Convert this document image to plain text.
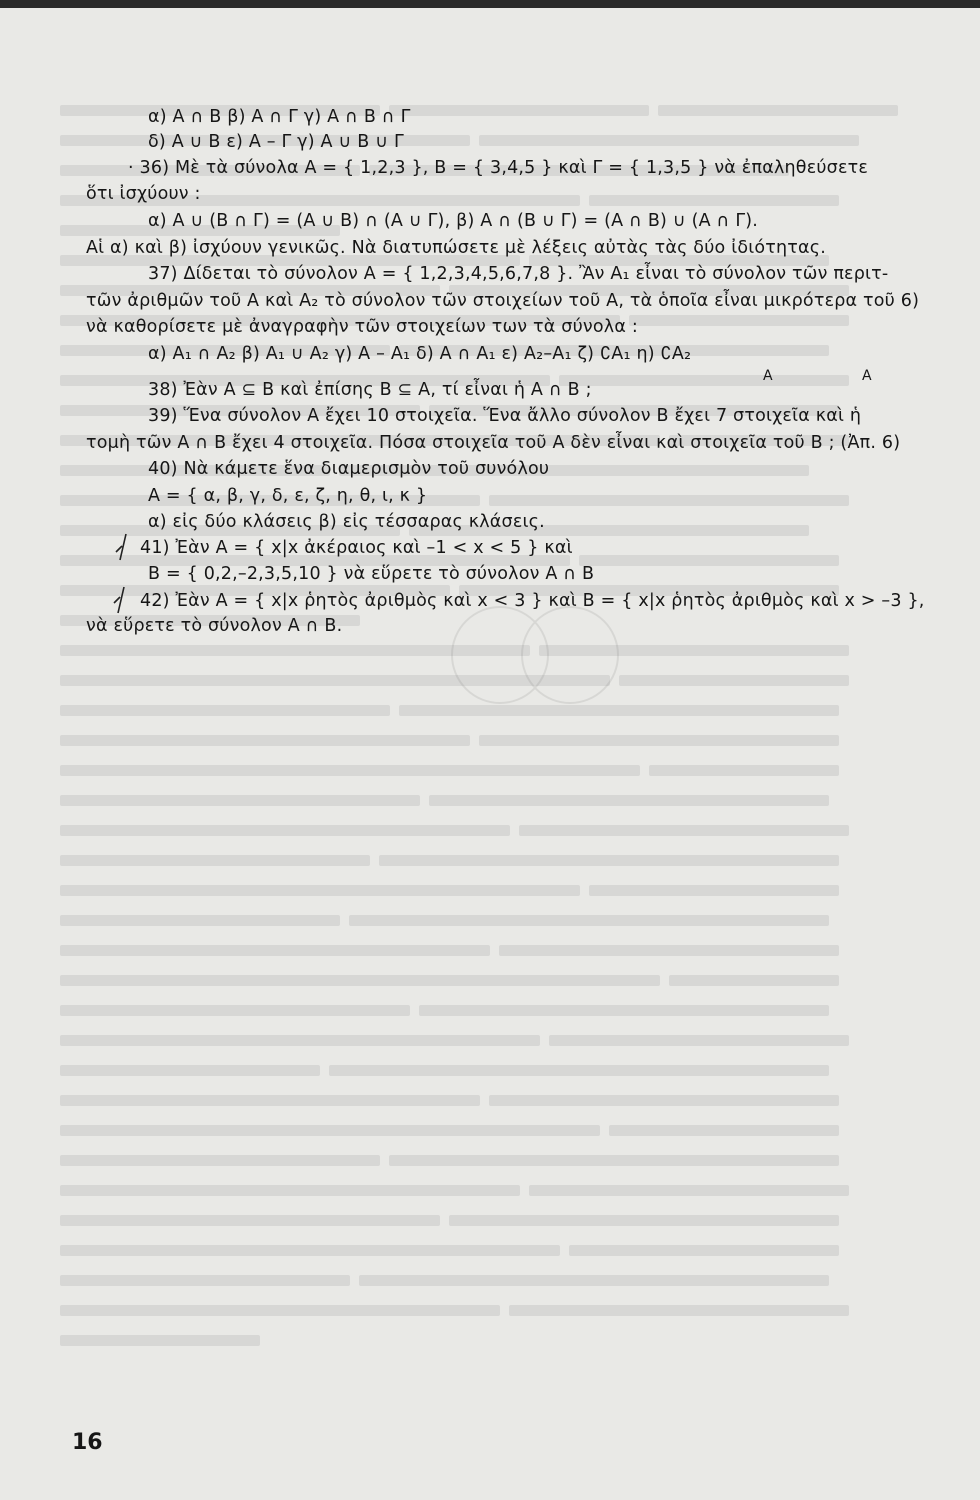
α) Α ∩ Β β) Α ∩ Γ γ) Α ∩ Β ∩ Γ
δ) Α ∪ Β ε) Α – Γ γ) Α ∪ Β ∪ Γ
· 36) Μὲ τὰ σύνολα Α = { 1,2,3 }, Β = { 3,4,5 } καὶ Γ = { 1,3,5 } νὰ ἐπαληθεύσετε
ὅτι ἰσχύουν :
α) Α ∪ (Β ∩ Γ) = (Α ∪ Β) ∩ (Α ∪ Γ), β) Α ∩ (Β ∪ Γ) = (Α ∩ Β) ∪ (Α ∩ Γ).
Αἱ α) καὶ β) ἰσχύουν γενικῶς. Νὰ διατυπώσετε μὲ λέξεις αὐτὰς τὰς δύο ἰδιότητας.
37) Δίδεται τὸ σύνολον Α = { 1,2,3,4,5,6,7,8 }. Ἂν Α₁ εἶναι τὸ σύνολον τῶν περιτ-
τῶν ἀριθμῶν τοῦ Α καὶ Α₂ τὸ σύνολον τῶν στοιχείων τοῦ Α, τὰ ὁποῖα εἶναι μικρότερα τοῦ 6)
νὰ καθορίσετε μὲ ἀναγραφὴν τῶν στοιχείων των τὰ σύνολα :
α) Α₁ ∩ Α₂ β) Α₁ ∪ Α₂ γ) Α – Α₁ δ) Α ∩ Α₁ ε) Α₂–Α₁ ζ) ∁Α₁ η) ∁Α₂
Α	Α
38) Ἐὰν Α ⊆ Β καὶ ἐπίσης Β ⊆ Α, τί εἶναι ἡ Α ∩ Β ;
39) Ἕνα σύνολον Α ἔχει 10 στοιχεῖα. Ἕνα ἄλλο σύνολον Β ἔχει 7 στοιχεῖα καὶ ἡ
τομὴ τῶν Α ∩ Β ἔχει 4 στοιχεῖα. Πόσα στοιχεῖα τοῦ Α δὲν εἶναι καὶ στοιχεῖα τοῦ Β ; (Ἀπ. 6)
40) Νὰ κάμετε ἕνα διαμερισμὸν τοῦ συνόλου
Α = { α, β, γ, δ, ε, ζ, η, θ, ι, κ }
α) εἰς δύο κλάσεις β) εἰς τέσσαρας κλάσεις.
41) Ἐὰν Α = { x|x ἀκέραιος καὶ –1 < x < 5 } καὶ
Β = { 0,2,–2,3,5,10 } νὰ εὕρετε τὸ σύνολον Α ∩ Β
42) Ἐὰν Α = { x|x ῥητὸς ἀριθμὸς καὶ x < 3 } καὶ Β = { x|x ῥητὸς ἀριθμὸς καὶ x > –3 },
νὰ εὕρετε τὸ σύνολον Α ∩ Β.
16
